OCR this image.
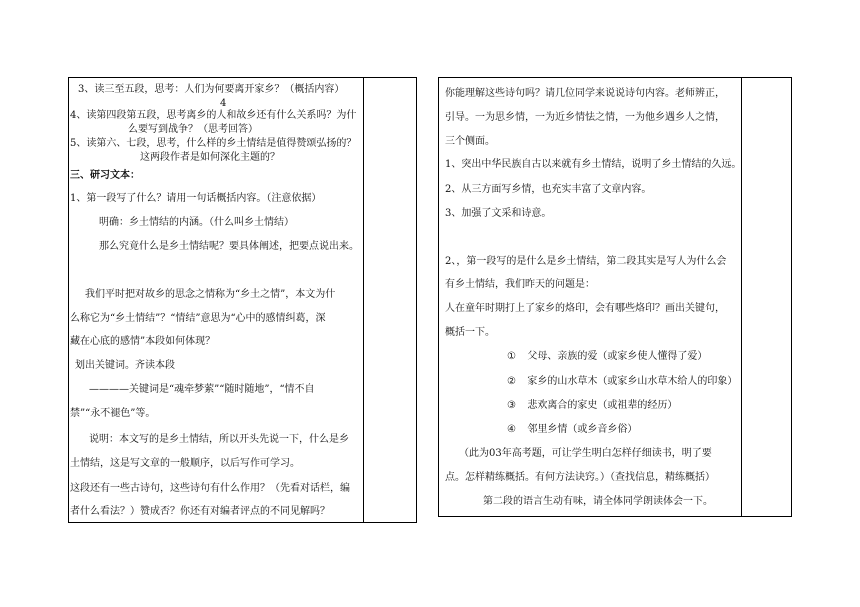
3、读三至五段，思考：人们为何要离开家乡？（概括内容）
4
4、读第四段第五段，思考离乡的人和故乡还有什么关系吗？为什
么要写到战争？（思考回答）
5、读第六、七段，思考，什么样的乡土情结是值得赞颂弘扬的？
这两段作者是如何深化主题的？
三、研习文本：
1、第一段写了什么？请用一句话概括内容。（注意依据）
明确：乡土情结的内涵。（什么叫乡土情结）
那么究竟什么是乡土情结呢？要具体阐述，把要点说出来。
我们平时把对故乡的思念之情称为“乡土之情”，本文为什
么称它为“乡土情结”？“情结”意思为“心中的感情纠葛，深
藏在心底的感情”本段如何体现？
划出关键词。齐读本段
————关键词是“魂牵梦萦”“随时随地”，“情不自
禁”“永不褪色”等。
说明：本文写的是乡土情结，所以开头先说一下，什么是乡
土情结，这是写文章的一般顺序，以后写作可学习。
这段还有一些古诗句，这些诗句有什么作用？（先看对话栏，编
者什么看法？）赞成否？你还有对编者评点的不同见解吗？
你能理解这些诗句吗？请几位同学来说说诗句内容。老师辨正，
引导。一为思乡情，一为近乡情怯之情，一为他乡遇乡人之情，
三个侧面。
1、突出中华民族自古以来就有乡土情结，说明了乡土情结的久远。
2、从三方面写乡情，也充实丰富了文章内容。
3、加强了文采和诗意。
2、，第一段写的是什么是乡土情结，第二段其实是写人为什么会
有乡土情结，我们昨天的问题是：
人在童年时期打上了家乡的烙印，会有哪些烙印？画出关键句，
概括一下。
① 父母、亲族的爱（或家乡使人懂得了爱）
② 家乡的山水草木（或家乡山水草木给人的印象）
③ 悲欢离合的家史（或祖辈的经历）
④ 邻里乡情（或乡音乡俗）
（此为03年高考题，可让学生明白怎样仔细读书，明了要
点。怎样精练概括。有何方法诀窍。）（查找信息，精练概括）
第二段的语言生动有味，请全体同学朗读体会一下。
